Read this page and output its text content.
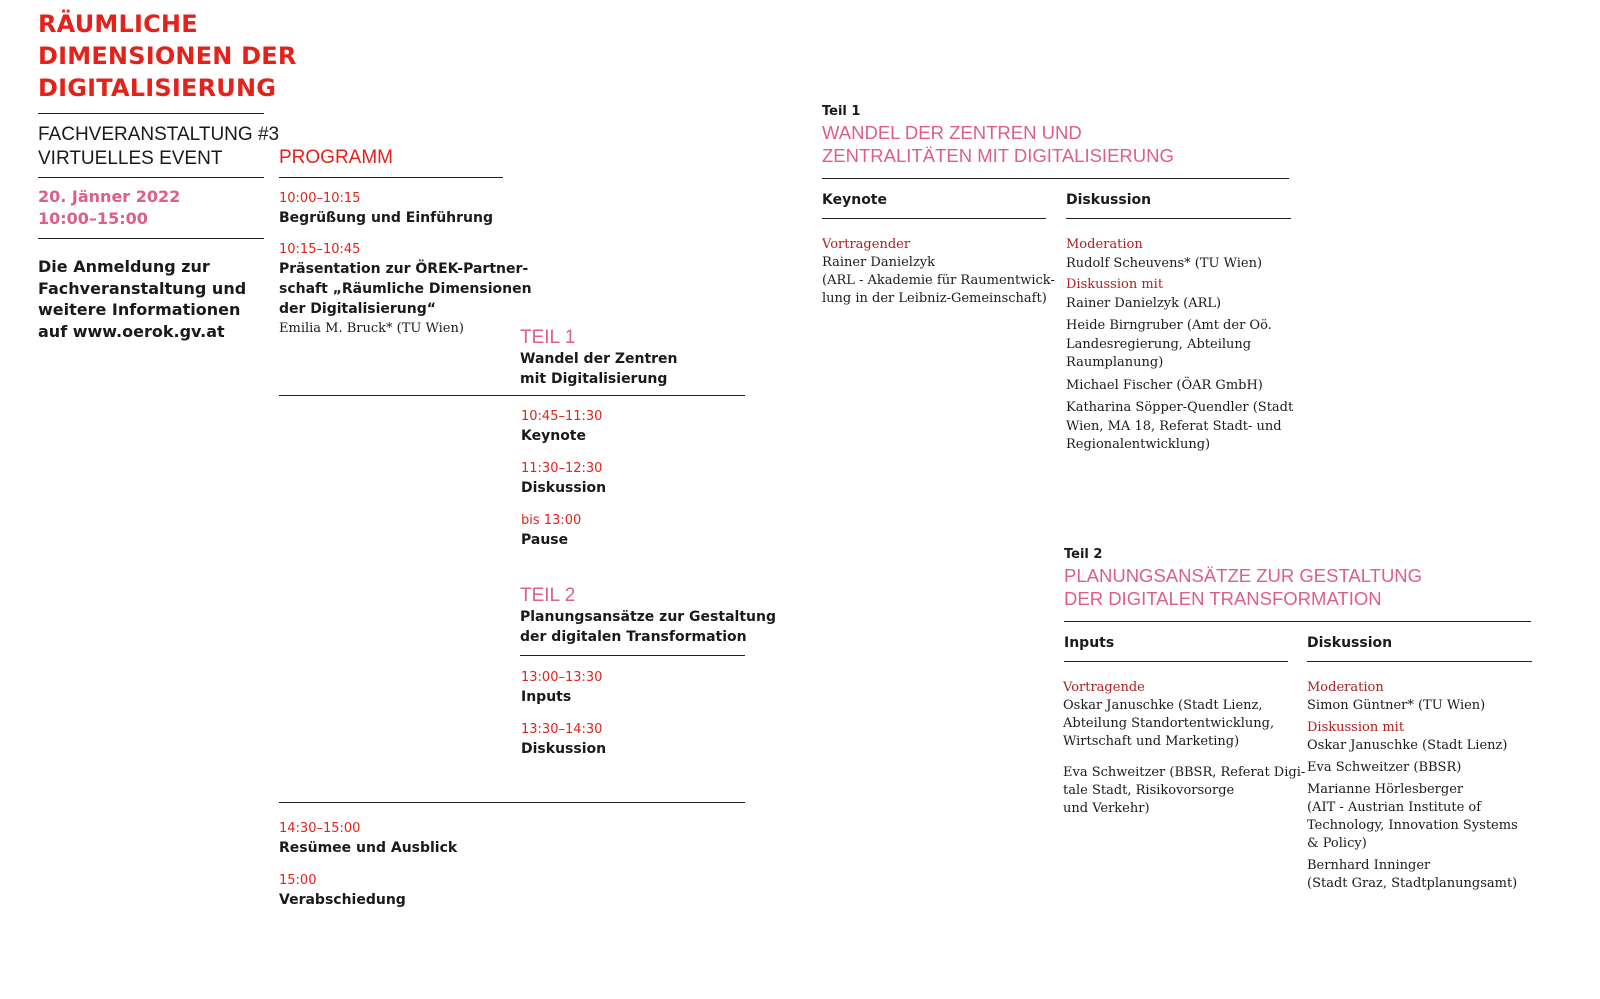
RÄUMLICHE
DIMENSIONEN DER
DIGITALISIERUNG
FACHVERANSTALTUNG #3
VIRTUELLES EVENT
20. Jänner 2022
10:00–15:00
Die Anmeldung zur
Fachveranstaltung und
weitere Informationen
auf www.oerok.gv.at
PROGRAMM
10:00–10:15
Begrüßung und Einführung
10:15–10:45
Präsentation zur ÖREK-Partner-
schaft „Räumliche Dimensionen
der Digitalisierung“
Emilia M. Bruck* (TU Wien)	TEIL 1
Wandel der Zentren
mit Digitalisierung
10:45–11:30
Keynote
11:30–12:30
Diskussion
bis 13:00
Pause
TEIL 2
Planungsansätze zur Gestaltung
der digitalen Transformation
13:00–13:30
Inputs
13:30–14:30
Diskussion
14:30–15:00
Resümee und Ausblick
15:00
Verabschiedung
Teil 1
WANDEL DER ZENTREN UND
ZENTRALITÄTEN MIT DIGITALISIERUNG
Keynote
Vortragender
Rainer Danielzyk
(ARL - Akademie für Raumentwick-
lung in der Leibniz-Gemeinschaft)
Diskussion
Moderation
Rudolf Scheuvens* (TU Wien)
Diskussion mit
Rainer Danielzyk (ARL)
Heide Birngruber (Amt der Oö.
Landesregierung, Abteilung
Raumplanung)
Michael Fischer (ÖAR GmbH)
Katharina Söpper-Quendler (Stadt
Wien, MA 18, Referat Stadt- und
Regionalentwicklung)
Teil 2
PLANUNGSANSÄTZE ZUR GESTALTUNG
DER DIGITALEN TRANSFORMATION
Inputs
Vortragende
Oskar Januschke (Stadt Lienz,
Abteilung Standortentwicklung,
Wirtschaft und Marketing)
Eva Schweitzer (BBSR, Referat Digi-
tale Stadt, Risikovorsorge
und Verkehr)
Diskussion
Moderation
Simon Güntner* (TU Wien)
Diskussion mit
Oskar Januschke (Stadt Lienz)
Eva Schweitzer (BBSR)
Marianne Hörlesberger
(AIT - Austrian Institute of
Technology, Innovation Systems
& Policy)
Bernhard Inninger
(Stadt Graz, Stadtplanungsamt)
